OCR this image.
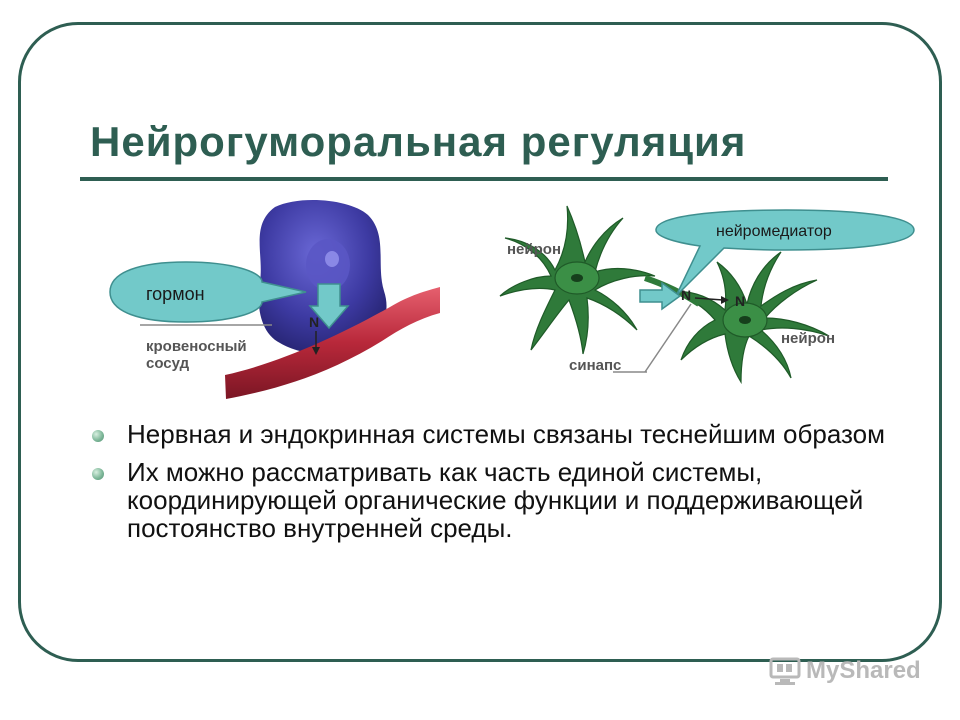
Нейрогуморальная регуляция
кровеносный
сосуд
N
нейрон
нейрон
синапс
N	N
гормон
нейромедиатор
Нервная и эндокринная системы связаны теснейшим образом
Их можно рассматривать как часть единой системы, координирующей органические функции и поддерживающей постоянство внутренней среды.
MyShared
